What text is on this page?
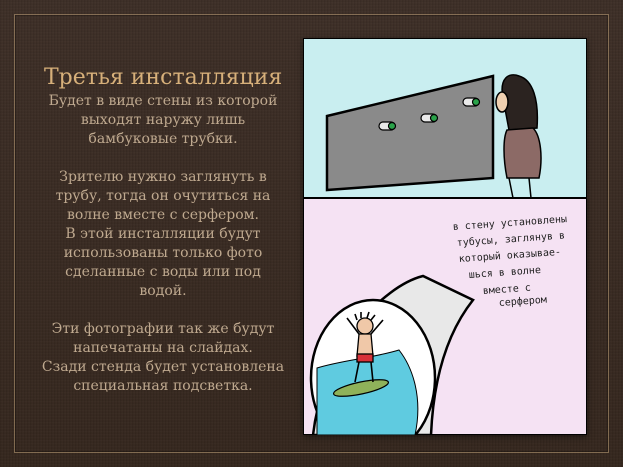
Третья инсталляция

Будет в виде стены из которой

выходят наружу лишь

бамбуковые трубки.

Зрителю нужно заглянуть в

трубу, тогда он очутиться на

волне вместе с серфером.

В этой инсталляции будут

использованы только фото

сделанные с воды или под

водой.

Эти фотографии так же будут

напечатаны на слайдах.

Сзади стенда будет установлена

специальная подсветка.

в стену установлены
тубусы, заглянув в
который оказываe-
шься в волне
вместе с
серфером
